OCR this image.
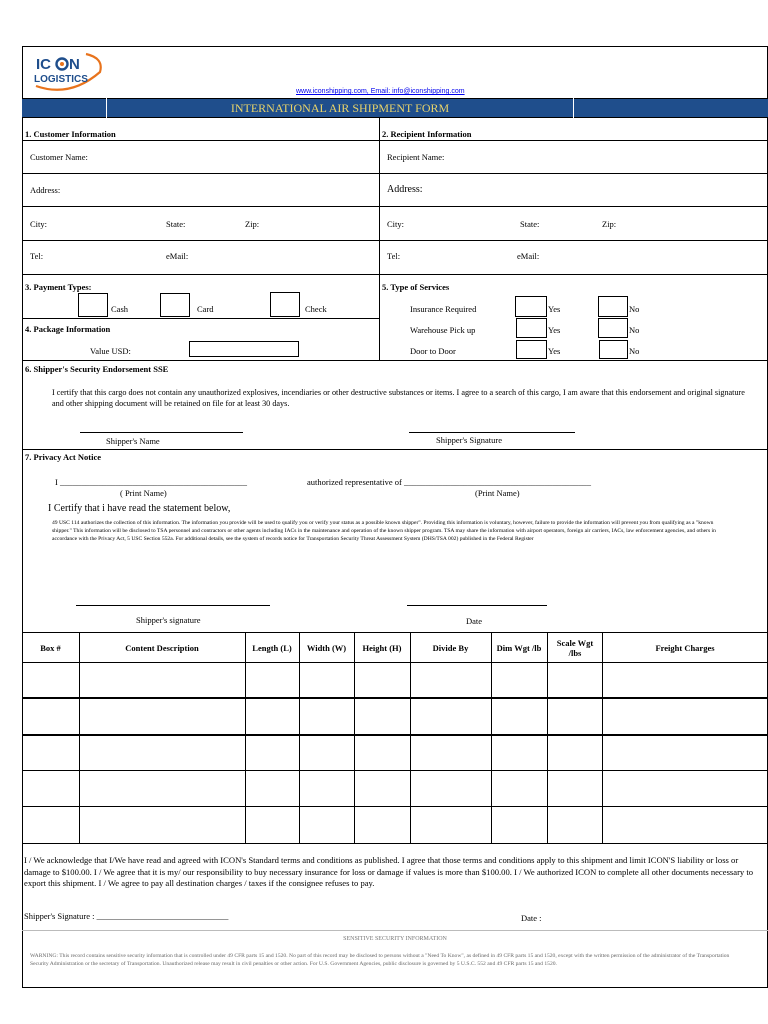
IC N
LOGISTICS
www.iconshipping.com, Email: info@iconshipping.com
INTERNATIONAL AIR SHIPMENT FORM
1. Customer Information	2. Recipient Information
Customer Name:	Recipient Name:
Address:	Address:
City:	State:	Zip:	City:	State:	Zip:
Tel:	eMail:	Tel:	eMail:
3. Payment Types:
Cash	Card	Check
4. Package Information
Value USD:
5. Type of Services
Insurance Required	Yes	No
Warehouse Pick up	Yes	No
Door to Door	Yes	No
6. Shipper's Security Endorsement SSE
I certify that this cargo does not contain any unauthorized explosives, incendiaries or other destructive substances or items. I agree to a search of this cargo, I am aware that this endorsement and original signature and other shipping document will be retained on file for at least 30 days.
Shipper's Name	Shipper's Signature
7. Privacy Act Notice
I ____________________________________________	authorized representative of ____________________________________________
( Print Name)	(Print Name)
I Certify that i have read the statement below,
49 USC 114 authorizes the collection of this information. The information you provide will be used to qualify you or verify your status as a possible known shipper". Providing this information is voluntary, however, failure to provide the information will prevent you from qualifying as a "known shipper." This information will be disclosed to TSA personnel and contractors or other agents including IACs in the maintenance and operation of the known shipper program. TSA may share the information with airport operators, foreign air carriers, IACs, law enforcement agencies, and others in accordance with the Privacy Act, 5 USC Section 552a. For additional details, see the system of records notice for Transportation Security Threat Assessment System (DHS/TSA 002) published in the Federal Register
Shipper's signature	Date
Box #	Content Description	Length (L)	Width (W)	Height (H)	Divide By	Dim Wgt /lb	Scale Wgt /lbs	Freight Charges
I / We acknowledge that I/We have read and agreed with ICON's Standard terms and conditions as published. I agree that those terms and conditions apply to this shipment and limit ICON'S liability or loss or damage to $100.00. I / We agree that it is my/ our responsibility to buy necessary insurance for loss or damage if values is more than $100.00. I / We authorized ICON to complete all other documents necessary to export this shipment. I / We agree to pay all destination charges / taxes if the consignee refuses to pay.
Shipper's Signature : _______________________________	Date :
SENSITIVE SECURITY INFORMATION
WARNING: This record contains sensitive security information that is controlled under 49 CFR parts 15 and 1520. No part of this record may be disclosed to persons without a "Need To Know", as defined in 49 CFR parts 15 and 1520, except with the written permission of the administrator of the Transportation Security Administration or the secretary of Transportation. Unauthorized release may result in civil penalties or other action. For U.S. Government Agencies, public disclosure is governed by 5 U.S.C. 552 and 49 CFR parts 15 and 1520.
